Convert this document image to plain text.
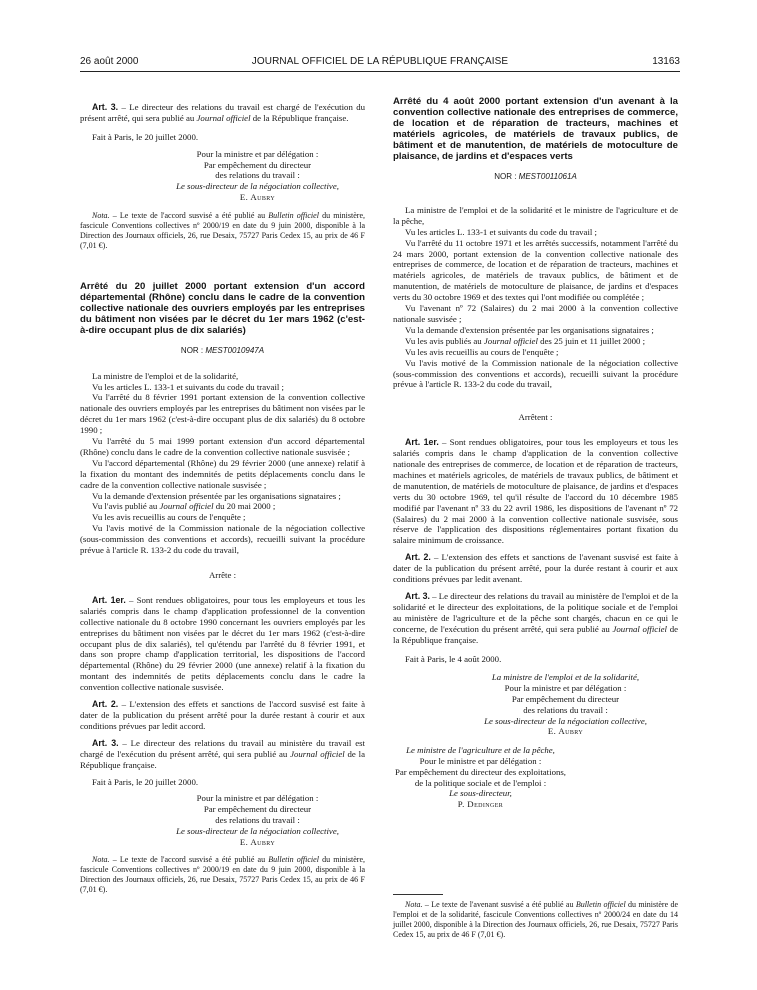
26 août 2000	JOURNAL OFFICIEL DE LA RÉPUBLIQUE FRANÇAISE	13163

Art. 3. – Le directeur des relations du travail est chargé de l'exécution du présent arrêté, qui sera publié au Journal officiel de la République française.

Fait à Paris, le 20 juillet 2000.

Pour la ministre et par délégation :
Par empêchement du directeur
des relations du travail :
Le sous-directeur de la négociation collective,
E. Aubry

Nota. – Le texte de l'accord susvisé a été publié au Bulletin officiel du ministère, fascicule Conventions collectives nº 2000/19 en date du 9 juin 2000, disponible à la Direction des Journaux officiels, 26, rue Desaix, 75727 Paris Cedex 15, au prix de 46 F (7,01 €).

Arrêté du 20 juillet 2000 portant extension d'un accord départemental (Rhône) conclu dans le cadre de la convention collective nationale des ouvriers employés par les entreprises du bâtiment non visées par le décret du 1er mars 1962 (c'est-à-dire occupant plus de dix salariés)

NOR : MEST0010947A

La ministre de l'emploi et de la solidarité,

Vu les articles L. 133-1 et suivants du code du travail ;

Vu l'arrêté du 8 février 1991 portant extension de la convention collective nationale des ouvriers employés par les entreprises du bâtiment non visées par le décret du 1er mars 1962 (c'est-à-dire occupant plus de dix salariés) du 8 octobre 1990 ;

Vu l'arrêté du 5 mai 1999 portant extension d'un accord départemental (Rhône) conclu dans le cadre de la convention collective nationale susvisée ;

Vu l'accord départemental (Rhône) du 29 février 2000 (une annexe) relatif à la fixation du montant des indemnités de petits déplacements conclu dans le cadre de la convention collective nationale susvisée ;

Vu la demande d'extension présentée par les organisations signataires ;

Vu l'avis publié au Journal officiel du 20 mai 2000 ;

Vu les avis recueillis au cours de l'enquête ;

Vu l'avis motivé de la Commission nationale de la négociation collective (sous-commission des conventions et accords), recueilli suivant la procédure prévue à l'article R. 133-2 du code du travail,

Arrête :

Art. 1er. – Sont rendues obligatoires, pour tous les employeurs et tous les salariés compris dans le champ d'application professionnel de la convention collective nationale du 8 octobre 1990 concernant les ouvriers employés par les entreprises du bâtiment non visées par le décret du 1er mars 1962 (c'est-à-dire occupant plus de dix salariés), tel qu'étendu par l'arrêté du 8 février 1991, et dans son propre champ d'application territorial, les dispositions de l'accord départemental (Rhône) du 29 février 2000 (une annexe) relatif à la fixation du montant des indemnités de petits déplacements conclu dans le cadre la convention collective nationale susvisée.

Art. 2. – L'extension des effets et sanctions de l'accord susvisé est faite à dater de la publication du présent arrêté pour la durée restant à courir et aux conditions prévues par ledit accord.

Art. 3. – Le directeur des relations du travail au ministère du travail est chargé de l'exécution du présent arrêté, qui sera publié au Journal officiel de la République française.

Fait à Paris, le 20 juillet 2000.

Pour la ministre et par délégation :
Par empêchement du directeur
des relations du travail :
Le sous-directeur de la négociation collective,
E. Aubry

Nota. – Le texte de l'accord susvisé a été publié au Bulletin officiel du ministère, fascicule Conventions collectives nº 2000/19 en date du 9 juin 2000, disponible à la Direction des Journaux officiels, 26, rue Desaix, 75727 Paris Cedex 15, au prix de 46 F (7,01 €).

Arrêté du 4 août 2000 portant extension d'un avenant à la convention collective nationale des entreprises de commerce, de location et de réparation de tracteurs, machines et matériels agricoles, de matériels de travaux publics, de bâtiment et de manutention, de matériels de motoculture de plaisance, de jardins et d'espaces verts

NOR : MEST0011061A

La ministre de l'emploi et de la solidarité et le ministre de l'agriculture et de la pêche,

Vu les articles L. 133-1 et suivants du code du travail ;

Vu l'arrêté du 11 octobre 1971 et les arrêtés successifs, notamment l'arrêté du 24 mars 2000, portant extension de la convention collective nationale des entreprises de commerce, de location et de réparation de tracteurs, machines et matériels agricoles, de matériels de travaux publics, de bâtiment et de manutention, de matériels de motoculture de plaisance, de jardins et d'espaces verts du 30 octobre 1969 et des textes qui l'ont modifiée ou complétée ;

Vu l'avenant nº 72 (Salaires) du 2 mai 2000 à la convention collective nationale susvisée ;

Vu la demande d'extension présentée par les organisations signataires ;

Vu les avis publiés au Journal officiel des 25 juin et 11 juillet 2000 ;

Vu les avis recueillis au cours de l'enquête ;

Vu l'avis motivé de la Commission nationale de la négociation collective (sous-commission des conventions et accords), recueilli suivant la procédure prévue à l'article R. 133-2 du code du travail,

Arrêtent :

Art. 1er. – Sont rendues obligatoires, pour tous les employeurs et tous les salariés compris dans le champ d'application de la convention collective nationale des entreprises de commerce, de location et de réparation de tracteurs, machines et matériels agricoles, de matériels de travaux publics, de bâtiment et de manutention, de matériels de motoculture de plaisance, de jardins et d'espaces verts du 30 octobre 1969, tel qu'il résulte de l'accord du 10 décembre 1985 modifié par l'avenant nº 33 du 22 avril 1986, les dispositions de l'avenant nº 72 (Salaires) du 2 mai 2000 à la convention collective nationale susvisée, sous réserve de l'application des dispositions réglementaires portant fixation du salaire minimum de croissance.

Art. 2. – L'extension des effets et sanctions de l'avenant susvisé est faite à dater de la publication du présent arrêté, pour la durée restant à courir et aux conditions prévues par ledit avenant.

Art. 3. – Le directeur des relations du travail au ministère de l'emploi et de la solidarité et le directeur des exploitations, de la politique sociale et de l'emploi au ministère de l'agriculture et de la pêche sont chargés, chacun en ce qui le concerne, de l'exécution du présent arrêté, qui sera publié au Journal officiel de la République française.

Fait à Paris, le 4 août 2000.

La ministre de l'emploi et de la solidarité,
Pour la ministre et par délégation :
Par empêchement du directeur
des relations du travail :
Le sous-directeur de la négociation collective,
E. Aubry
Le ministre de l'agriculture et de la pêche,
Pour le ministre et par délégation :
Par empêchement du directeur des exploitations,
de la politique sociale et de l'emploi :
Le sous-directeur,
P. Dedinger

Nota. – Le texte de l'avenant susvisé a été publié au Bulletin officiel du ministère de l'emploi et de la solidarité, fascicule Conventions collectives nº 2000/24 en date du 14 juillet 2000, disponible à la Direction des Journaux officiels, 26, rue Desaix, 75727 Paris Cedex 15, au prix de 46 F (7,01 €).
